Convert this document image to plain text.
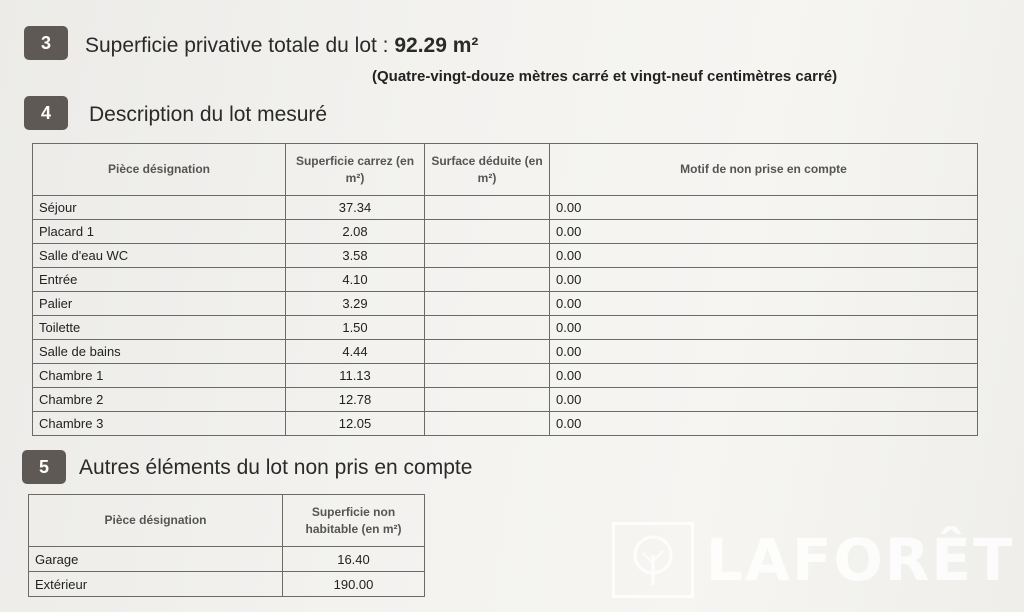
3 Superficie privative totale du lot : 92.29 m²
(Quatre-vingt-douze mètres carré et vingt-neuf centimètres carré)
4 Description du lot mesuré
Pièce désignation	Superficie carrez (en m²)	Surface déduite (en m²)	Motif de non prise en compte
Séjour	37.34		0.00
Placard 1	2.08		0.00
Salle d'eau WC	3.58		0.00
Entrée	4.10		0.00
Palier	3.29		0.00
Toilette	1.50		0.00
Salle de bains	4.44		0.00
Chambre 1	11.13		0.00
Chambre 2	12.78		0.00
Chambre 3	12.05		0.00
5 Autres éléments du lot non pris en compte
Pièce désignation	Superficie non habitable (en m²)
Garage	16.40
Extérieur	190.00	LAFORÊT
